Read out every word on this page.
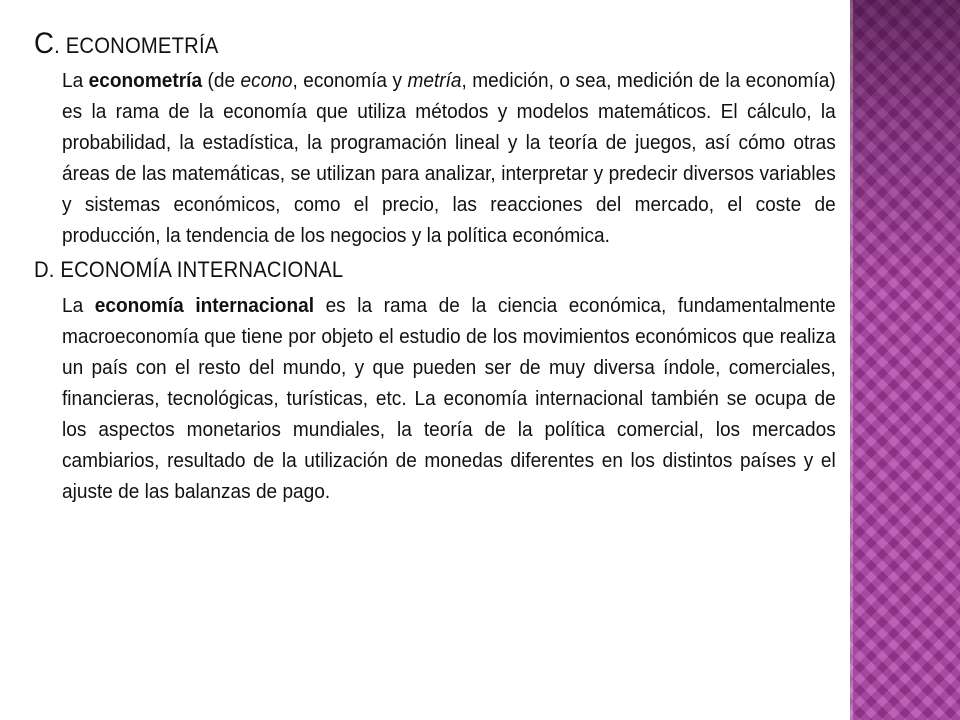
C. ECONOMETRÍA

La econometría (de econo, economía y metría, medición, o sea, medición de la economía) es la rama de la economía que utiliza métodos y modelos matemáticos. El cálculo, la probabilidad, la estadística, la programación lineal y la teoría de juegos, así cómo otras áreas de las matemáticas, se utilizan para analizar, interpretar y predecir diversos variables y sistemas económicos, como el precio, las reacciones del mercado, el coste de producción, la tendencia de los negocios y la política económica.

D. ECONOMÍA INTERNACIONAL

La economía internacional es la rama de la ciencia económica, fundamentalmente macroeconomía que tiene por objeto el estudio de los movimientos económicos que realiza un país con el resto del mundo, y que pueden ser de muy diversa índole, comerciales, financieras, tecnológicas, turísticas, etc. La economía internacional también se ocupa de los aspectos monetarios mundiales, la teoría de la política comercial, los mercados cambiarios, resultado de la utilización de monedas diferentes en los distintos países y el ajuste de las balanzas de pago.
